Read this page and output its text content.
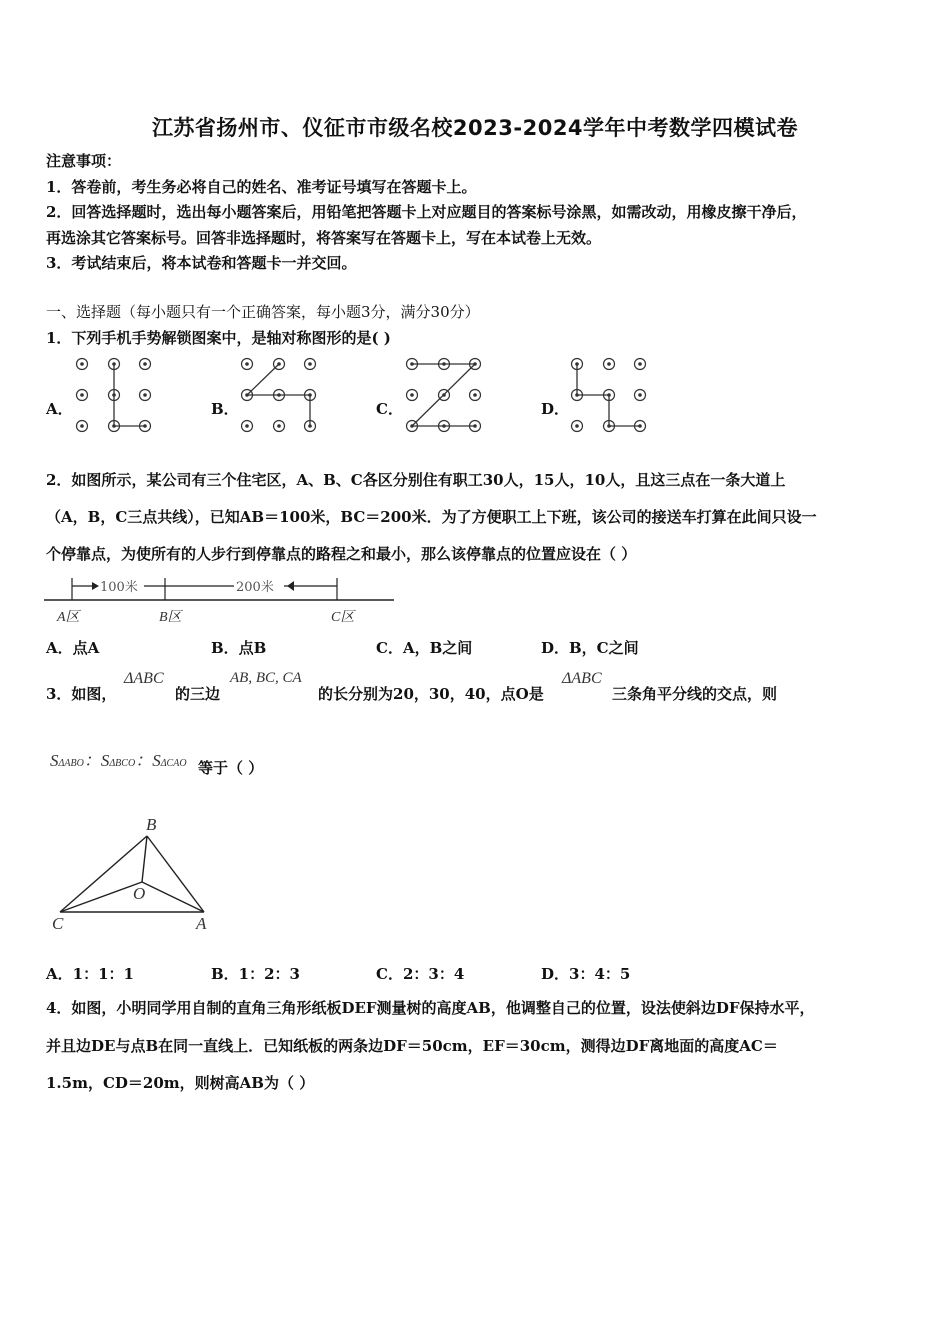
江苏省扬州市、仪征市市级名校2023-2024学年中考数学四模试卷
注意事项：
1．答卷前，考生务必将自己的姓名、准考证号填写在答题卡上。
2．回答选择题时，选出每小题答案后，用铅笔把答题卡上对应题目的答案标号涂黑，如需改动，用橡皮擦干净后，
再选涂其它答案标号。回答非选择题时，将答案写在答题卡上，写在本试卷上无效。
3．考试结束后，将本试卷和答题卡一并交回。
一、选择题（每小题只有一个正确答案，每小题3分，满分30分）
1．下列手机手势解锁图案中，是轴对称图形的是( )
A．	B．	C．	D．
2．如图所示，某公司有三个住宅区，A、B、C各区分别住有职工30人，15人，10人，且这三点在一条大道上
（A，B，C三点共线），已知AB＝100米，BC＝200米．为了方便职工上下班，该公司的接送车打算在此间只设一
个停靠点，为使所有的人步行到停靠点的路程之和最小，那么该停靠点的位置应设在（ ）
100米	200米
A区	B区	C区
A．点A	B．点B	C．A，B之间	D．B，C之间
3．如图，
ΔABC
的三边
AB, BC, CA
的长分别为20，30，40，点O是
ΔABC
三条角平分线的交点，则
SΔABO：SΔBCO：SΔCAO 等于（ ）
B
O
C	A
A．1：1：1	B．1：2：3	C．2：3：4	D．3：4：5
4．如图，小明同学用自制的直角三角形纸板DEF测量树的高度AB，他调整自己的位置，设法使斜边DF保持水平，
并且边DE与点B在同一直线上．已知纸板的两条边DF＝50cm，EF＝30cm，测得边DF离地面的高度AC＝
1.5m，CD＝20m，则树高AB为（ ）
